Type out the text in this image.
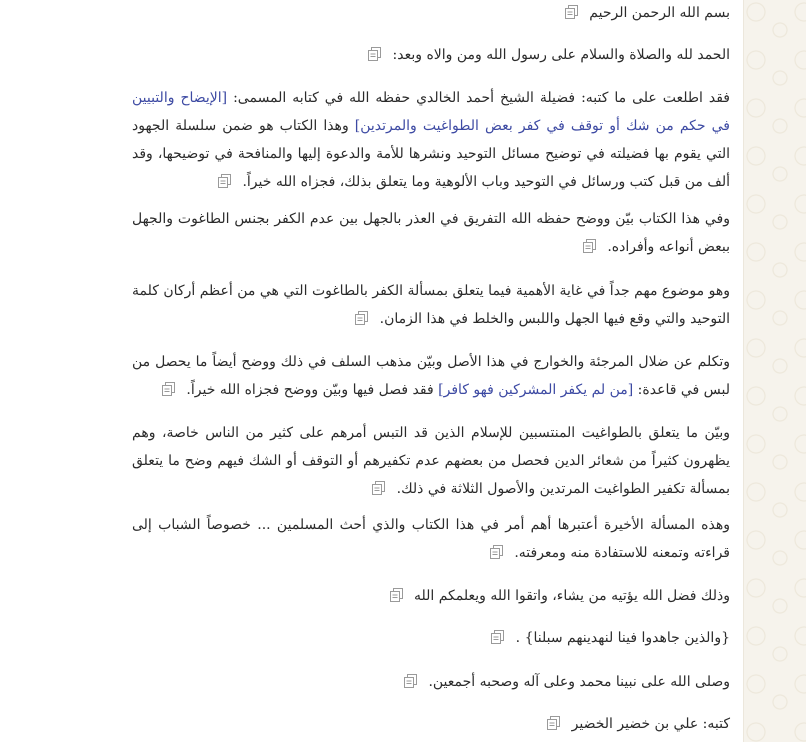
بسم الله الرحمن الرحيم

الحمد لله والصلاة والسلام على رسول الله ومن والاه وبعد:

فقد اطلعت على ما كتبه: فضيلة الشيخ أحمد الخالدي حفظه الله في كتابه المسمى: [الإيضاح والتبيين في حكم من شك أو توقف في كفر بعض الطواغيت والمرتدين] وهذا الكتاب هو ضمن سلسلة الجهود التي يقوم بها فضيلته في توضيح مسائل التوحيد ونشرها للأمة والدعوة إليها والمنافحة في توضيحها، وقد ألف من قبل كتب ورسائل في التوحيد وباب الألوهية وما يتعلق بذلك، فجزاه الله خيراً.

وفي هذا الكتاب بيّن ووضح حفظه الله التفريق في العذر بالجهل بين عدم الكفر بجنس الطاغوت والجهل ببعض أنواعه وأفراده.

وهو موضوع مهم جداً في غاية الأهمية فيما يتعلق بمسألة الكفر بالطاغوت التي هي من أعظم أركان كلمة التوحيد والتي وقع فيها الجهل واللبس والخلط في هذا الزمان.

وتكلم عن ضلال المرجئة والخوارج في هذا الأصل وبيّن مذهب السلف في ذلك ووضح أيضاً ما يحصل من لبس في قاعدة: [من لم يكفر المشركين فهو كافر] فقد فصل فيها وبيّن ووضح فجزاه الله خيراً.

وبيّن ما يتعلق بالطواغيت المنتسبين للإسلام الذين قد التبس أمرهم على كثير من الناس خاصة، وهم يظهرون كثيراً من شعائر الدين فحصل من بعضهم عدم تكفيرهم أو التوقف أو الشك فيهم وضح ما يتعلق بمسألة تكفير الطواغيت المرتدين والأصول الثلاثة في ذلك.

وهذه المسألة الأخيرة أعتبرها أهم أمر في هذا الكتاب والذي أحث المسلمين ... خصوصاً الشباب إلى قراءته وتمعنه للاستفادة منه ومعرفته.

وذلك فضل الله يؤتيه من يشاء، واتقوا الله ويعلمكم الله

{والذين جاهدوا فينا لنهدينهم سبلنا} .

وصلى الله على نبينا محمد وعلى آله وصحبه أجمعين.

كتبه: علي بن خضير الخضير
